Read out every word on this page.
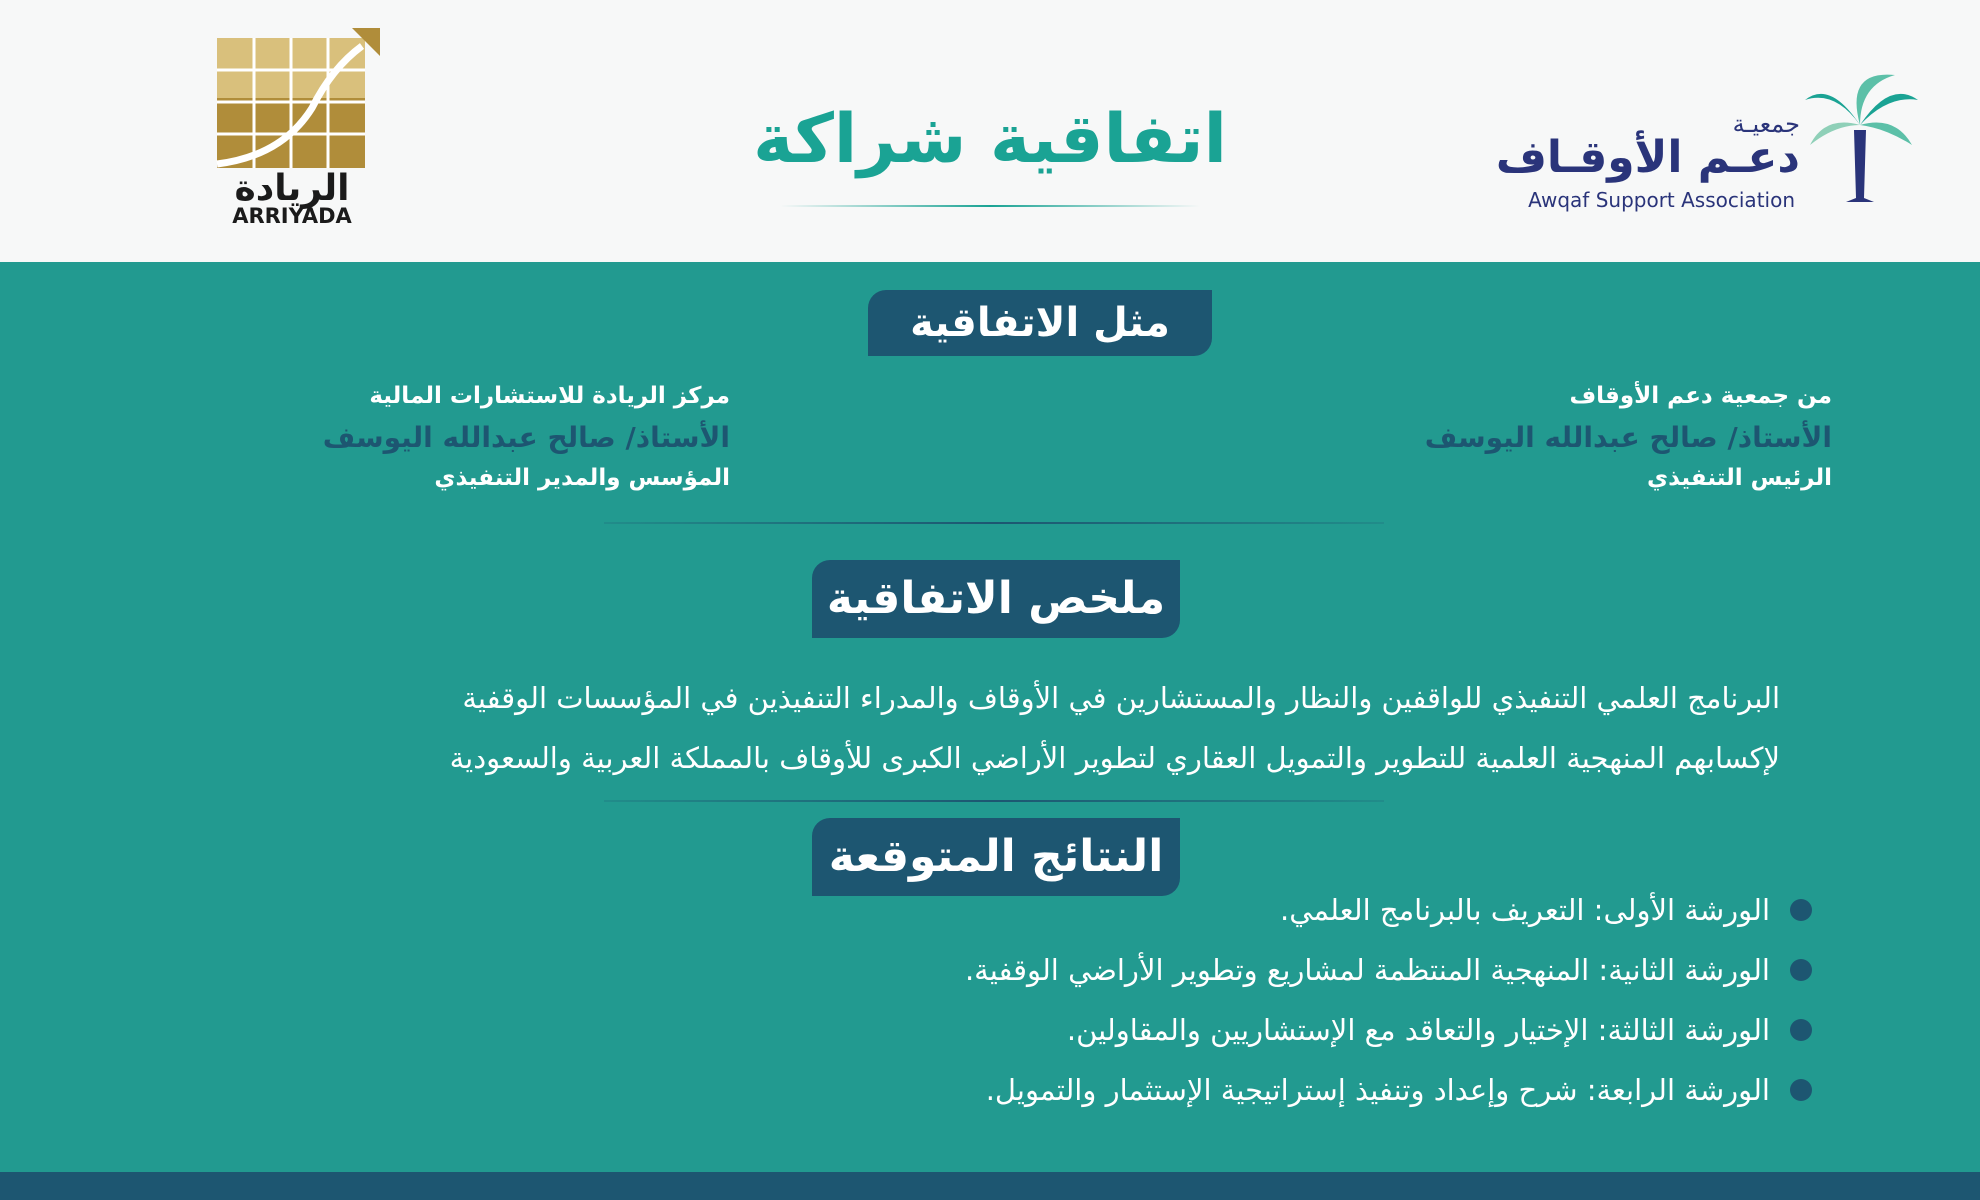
الريادة
ARRIYADA
اتفاقية شراكة	جمعيـة
دعـم الأوقـاف
Awqaf Support Association
مثل الاتفاقية
من جمعية دعم الأوقاف
الأستاذ/ صالح عبدالله اليوسف
الرئيس التنفيذي
مركز الريادة للاستشارات المالية
الأستاذ/ صالح عبدالله اليوسف
المؤسس والمدير التنفيذي
ملخص الاتفاقية

البرنامج العلمي التنفيذي للواقفين والنظار والمستشارين في الأوقاف والمدراء التنفيذين في المؤسسات الوقفية

لإكسابهم المنهجية العلمية للتطوير والتمويل العقاري لتطوير الأراضي الكبرى للأوقاف بالمملكة العربية والسعودية

النتائج المتوقعة
الورشة الأولى: التعريف بالبرنامج العلمي.
الورشة الثانية: المنهجية المنتظمة لمشاريع وتطوير الأراضي الوقفية.
الورشة الثالثة: الإختيار والتعاقد مع الإستشاريين والمقاولين.
الورشة الرابعة: شرح وإعداد وتنفيذ إستراتيجية الإستثمار والتمويل.
